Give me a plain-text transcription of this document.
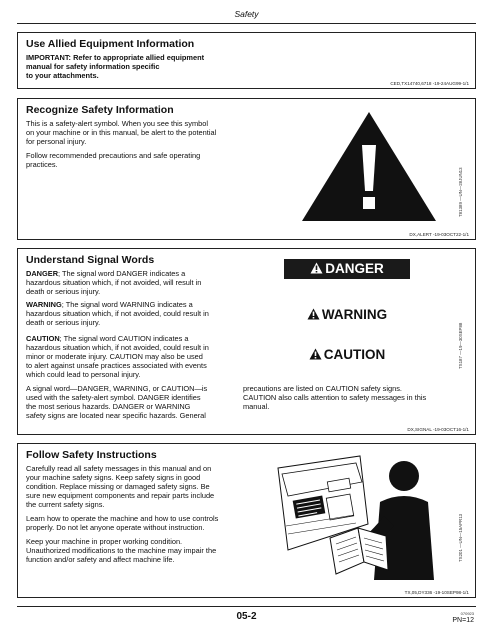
Safety
Use Allied Equipment Information
IMPORTANT: Refer to appropriate allied equipment
manual for safety information specific
to your attachments.
CED,TX14740,6718 -19-24AUG99-1/1
Recognize Safety Information
This is a safety-alert symbol. When you see this symbol
on your machine or in this manual, be alert to the potential
for personal injury.
Follow recommended precautions and safe operating
practices.
T81389 —UN—28JUN13
DX,ALERT -19-03OCT22-1/1
Understand Signal Words
DANGER; The signal word DANGER indicates a
hazardous situation which, if not avoided, will result in
death or serious injury.
WARNING; The signal word WARNING indicates a
hazardous situation which, if not avoided, could result in
death or serious injury.
CAUTION; The signal word CAUTION indicates a
hazardous situation which, if not avoided, could result in
minor or moderate injury. CAUTION may also be used
to alert against unsafe practices associated with events
which could lead to personal injury.
A signal word—DANGER, WARNING, or CAUTION—is
used with the safety-alert symbol. DANGER identifies
the most serious hazards. DANGER or WARNING
safety signs are located near specific hazards. General
precautions are listed on CAUTION safety signs.
CAUTION also calls attention to safety messages in this
manual.
DANGER
WARNING
CAUTION	TS187 —19—30SEP88
DX,SIGNAL -19-03OCT16-1/1
Follow Safety Instructions
Carefully read all safety messages in this manual and on
your machine safety signs. Keep safety signs in good
condition. Replace missing or damaged safety signs. Be
sure new equipment components and repair parts include
the current safety signs.
Learn how to operate the machine and how to use controls
properly. Do not let anyone operate without instruction.
Keep your machine in proper working condition.
Unauthorized modifications to the machine may impair the
function and/or safety and affect machine life.	TS201 —UN—15APR13
TX,05,DY336 -19-10SEP98-1/1
05-2	070923
PN=12
